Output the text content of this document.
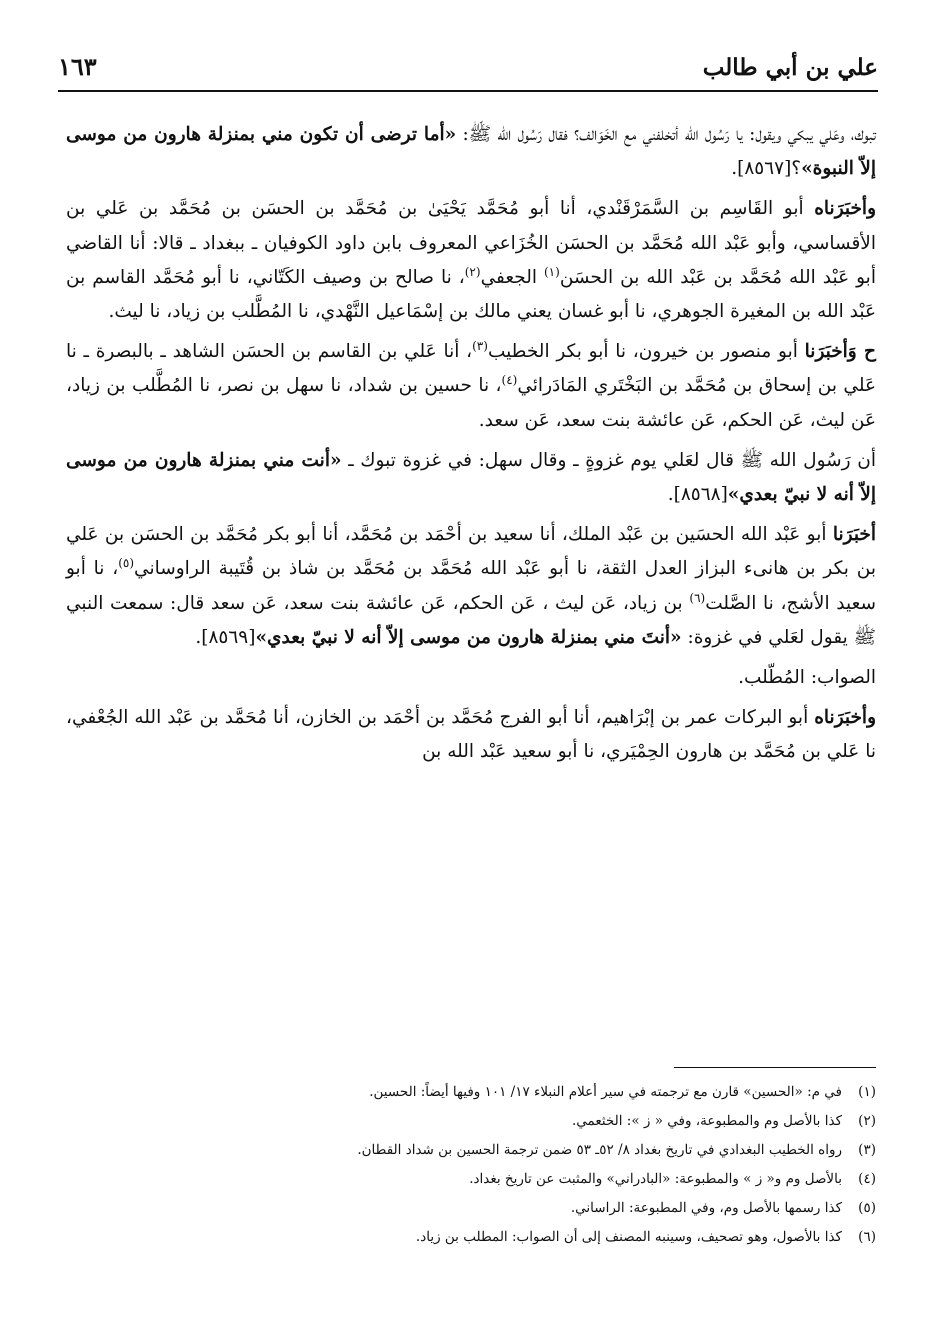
علي بن أبي طالب
١٦٣

تبوك، وعَلي يبكي ويقول: يا رَسُول الله أتخلفني مع الخَوَالف؟ فقال رَسُول الله ﷺ: «أما ترضى أن تكون مني بمنزلة هارون من موسى إلاّ النبوة»؟[٨٥٦٧].

وأخبَرَناه أبو القَاسِم بن السَّمَرْقَنْدي، أنا أبو مُحَمَّد يَحْيَىٰ بن مُحَمَّد بن الحسَن بن مُحَمَّد بن عَلي بن الأقساسي، وأبو عَبْد الله مُحَمَّد بن الحسَن الخُزَاعي المعروف بابن داود الكوفيان ـ ببغداد ـ قالا: أنا القاضي أبو عَبْد الله مُحَمَّد بن عَبْد الله بن الحسَن$^{(١)}$ الجعفي$^{(٢)}$، نا صالح بن وصيف الكَتّاني، نا أبو مُحَمَّد القاسم بن عَبْد الله بن المغيرة الجوهري، نا أبو غسان يعني مالك بن إسْمَاعيل النَّهْدي، نا المُطَّلب بن زياد، نا ليث.

ح وَأخبَرَنا أبو منصور بن خيرون، نا أبو بكر الخطيب$^{(٣)}$، أنا عَلي بن القاسم بن الحسَن الشاهد ـ بالبصرة ـ نا عَلي بن إسحاق بن مُحَمَّد بن البَخْتَري المَادَرائي$^{(٤)}$، نا حسين بن شداد، نا سهل بن نصر، نا المُطَّلب بن زياد، عَن ليث، عَن الحكم، عَن عائشة بنت سعد، عَن سعد.

أن رَسُول الله ﷺ قال لعَلي يوم غزوةٍ ـ وقال سهل: في غزوة تبوك ـ «أنت مني بمنزلة هارون من موسى إلاّ أنه لا نبيّ بعدي»[٨٥٦٨].

أخبَرَنا أبو عَبْد الله الحسَين بن عَبْد الملك، أنا سعيد بن أحْمَد بن مُحَمَّد، أنا أبو بكر مُحَمَّد بن الحسَن بن عَلي بن بكر بن هانىء البزاز العدل الثقة، نا أبو عَبْد الله مُحَمَّد بن مُحَمَّد بن شاذ بن قُتَيبة الراوساني$^{(٥)}$، نا أبو سعيد الأشج، نا الصَّلت$^{(٦)}$ بن زياد، عَن ليث ، عَن الحكم، عَن عائشة بنت سعد، عَن سعد قال: سمعت النبي ﷺ يقول لعَلي في غزوة: «أنتَ مني بمنزلة هارون من موسى إلاّ أنه لا نبيّ بعدي»[٨٥٦٩].

الصواب: المُطّلب.

وأخبَرَناه أبو البركات عمر بن إبْرَاهيم، أنا أبو الفرج مُحَمَّد بن أحْمَد بن الخازن، أنا مُحَمَّد بن عَبْد الله الجُعْفي، نا عَلي بن مُحَمَّد بن هارون الحِمْيَري، نا أبو سعيد عَبْد الله بن

(١)في م: «الحسين» قارن مع ترجمته في سير أعلام النبلاء ١٧/ ١٠١ وفيها أيضاً: الحسين.
(٢)كذا بالأصل وم والمطبوعة، وفي « ز »: الخثعمي.
(٣)رواه الخطيب البغدادي في تاريخ بغداد ٨/ ٥٢ـ ٥٣ ضمن ترجمة الحسين بن شداد القطان.
(٤)بالأصل وم و« ز » والمطبوعة: «البادراني» والمثبت عن تاريخ بغداد.
(٥)كذا رسمها بالأصل وم، وفي المطبوعة: الراساني.
(٦)كذا بالأصول، وهو تصحيف، وسينبه المصنف إلى أن الصواب: المطلب بن زياد.
